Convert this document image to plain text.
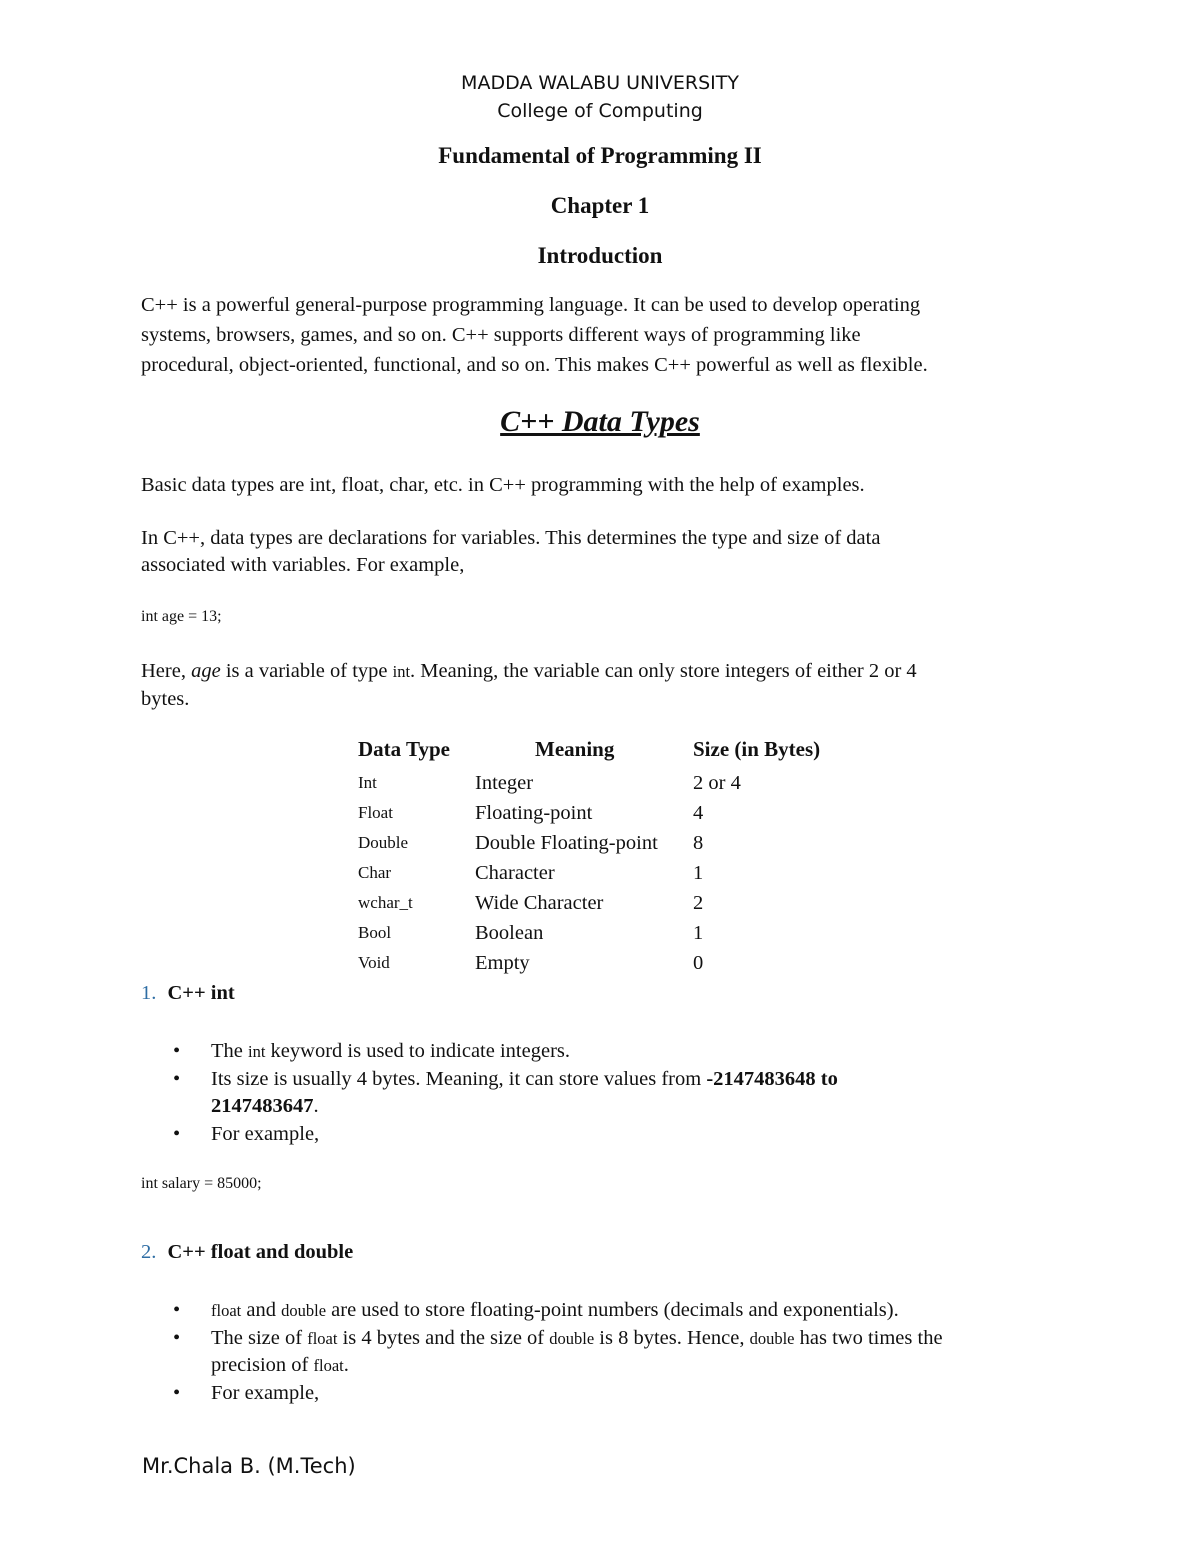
MADDA WALABU UNIVERSITY
College of Computing
Fundamental of Programming II
Chapter 1
Introduction
C++ is a powerful general-purpose programming language. It can be used to develop operating
systems, browsers, games, and so on. C++ supports different ways of programming like
procedural, object-oriented, functional, and so on. This makes C++ powerful as well as flexible.
C++ Data Types
Basic data types are int, float, char, etc. in C++ programming with the help of examples.
In C++, data types are declarations for variables. This determines the type and size of data
associated with variables. For example,
int age = 13;
Here, age is a variable of type int. Meaning, the variable can only store integers of either 2 or 4
bytes.
Data Type	Meaning	Size (in Bytes)
Int	Integer	2 or 4
Float	Floating-point	4
Double	Double Floating-point	8
Char	Character	1
wchar_t	Wide Character	2
Bool	Boolean	1
Void	Empty	0
1. C++ int
• The int keyword is used to indicate integers.
• Its size is usually 4 bytes. Meaning, it can store values from -2147483648 to
2147483647.
• For example,
int salary = 85000;
2. C++ float and double
• float and double are used to store floating-point numbers (decimals and exponentials).
• The size of float is 4 bytes and the size of double is 8 bytes. Hence, double has two times the
precision of float.
• For example,
Mr.Chala B. (M.Tech)
